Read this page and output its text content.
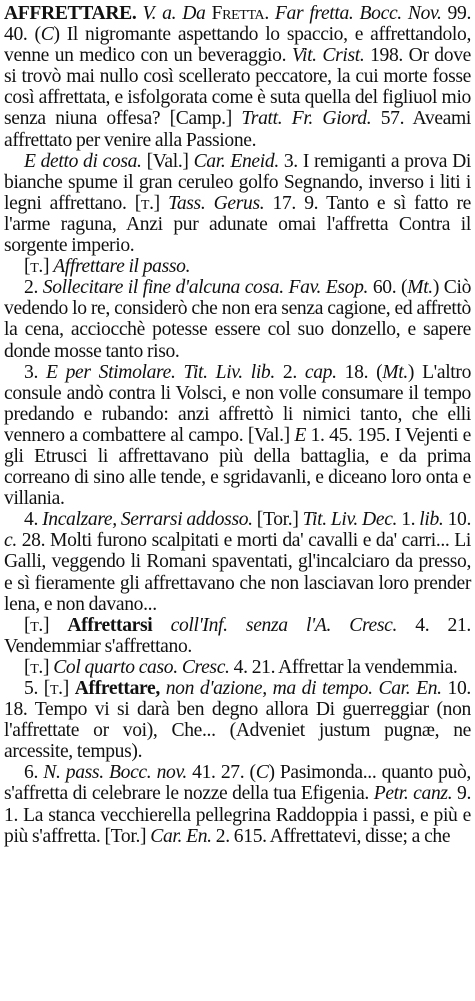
AFFRETTARE. V. a. Da Fretta. Far fretta. Bocc. Nov. 99. 40. (C) Il nigromante aspettando lo spaccio, e affrettandolo, venne un medico con un beveraggio. Vit. Crist. 198. Or dove si trovò mai nullo così scellerato peccatore, la cui morte fosse così affrettata, e isfolgorata come è suta quella del figliuol mio senza niuna offesa? [Camp.] Tratt. Fr. Giord. 57. Aveami affrettato per venire alla Passione.

E detto di cosa. [Val.] Car. Eneid. 3. I remiganti a prova Di bianche spume il gran ceruleo golfo Segnando, inverso i liti i legni affrettano. [t.] Tass. Gerus. 17. 9. Tanto e sì fatto re l'arme raguna, Anzi pur adunate omai l'affretta Contra il sorgente imperio.

[t.] Affrettare il passo.

2. Sollecitare il fine d'alcuna cosa. Fav. Esop. 60. (Mt.) Ciò vedendo lo re, considerò che non era senza cagione, ed affrettò la cena, acciocchè potesse essere col suo donzello, e sapere donde mosse tanto riso.

3. E per Stimolare. Tit. Liv. lib. 2. cap. 18. (Mt.) L'altro consule andò contra li Volsci, e non volle consumare il tempo predando e rubando: anzi affrettò li nimici tanto, che elli vennero a combattere al campo. [Val.] E 1. 45. 195. I Vejenti e gli Etrusci li affrettavano più della battaglia, e da prima correano di sino alle tende, e sgridavanli, e diceano loro onta e villania.

4. Incalzare, Serrarsi addosso. [Tor.] Tit. Liv. Dec. 1. lib. 10. c. 28. Molti furono scalpitati e morti da' cavalli e da' carri... Li Galli, veggendo li Romani spaventati, gl'incalciaro da presso, e sì fieramente gli affrettavano che non lasciavan loro prender lena, e non davano...

[t.] Affrettarsi coll'Inf. senza l'A. Cresc. 4. 21. Vendemmiar s'affrettano.

[t.] Col quarto caso. Cresc. 4. 21. Affrettar la vendemmia.

5. [t.] Affrettare, non d'azione, ma di tempo. Car. En. 10. 18. Tempo vi si darà ben degno allora Di guerreggiar (non l'affrettate or voi), Che... (Adveniet justum pugnæ, ne arcessite, tempus).

6. N. pass. Bocc. nov. 41. 27. (C) Pasimonda... quanto può, s'affretta di celebrare le nozze della tua Efigenia. Petr. canz. 9. 1. La stanca vecchierella pellegrina Raddoppia i passi, e più e più s'affretta. [Tor.] Car. En. 2. 615. Affrettatevi, disse; a che
